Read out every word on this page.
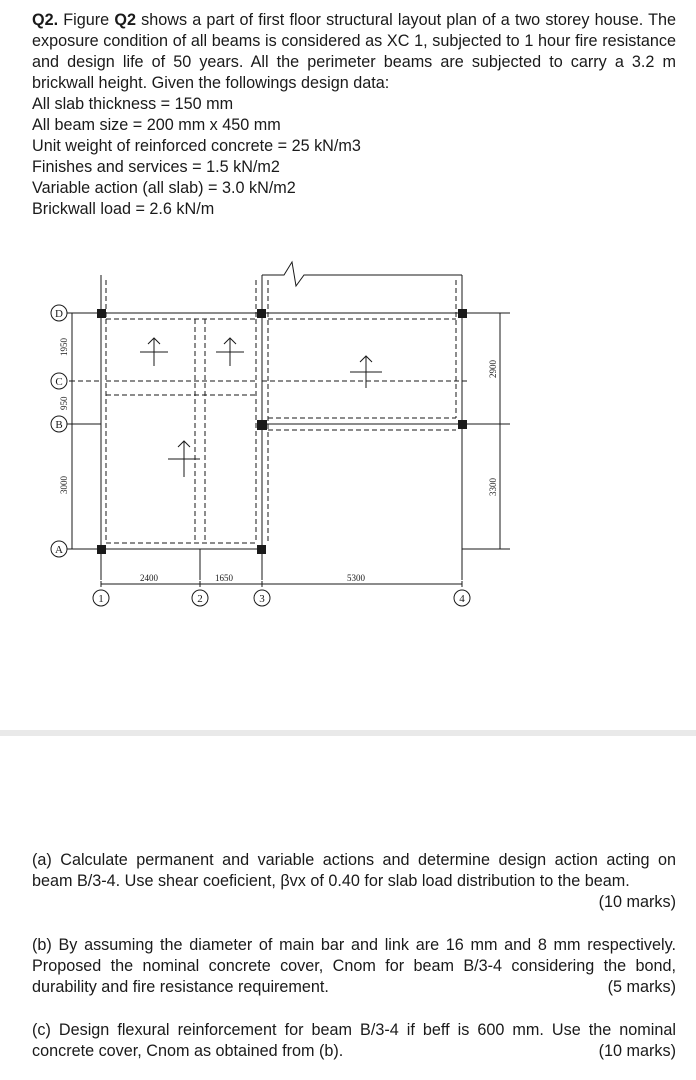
Q2. Figure Q2 shows a part of first floor structural layout plan of a two storey house. The exposure condition of all beams is considered as XC 1, subjected to 1 hour fire resistance and design life of 50 years. All the perimeter beams are subjected to carry a 3.2 m brickwall height. Given the followings design data:

All slab thickness = 150 mm
All beam size = 200 mm x 450 mm
Unit weight of reinforced concrete = 25 kN/m3
Finishes and services = 1.5 kN/m2
Variable action (all slab) = 3.0 kN/m2
Brickwall load = 2.6 kN/m
1950
950
3000
2900
3300
2400	1650	5300
D
C
B
A
1	2	3	4

(a) Calculate permanent and variable actions and determine design action acting on beam B/3-4. Use shear coeficient, βvx of 0.40 for slab load distribution to the beam.
(10 marks)

(b) By assuming the diameter of main bar and link are 16 mm and 8 mm respectively. Proposed the nominal concrete cover, Cnom for beam B/3-4 considering the bond, durability and fire resistance requirement.	(5 marks)

(c) Design flexural reinforcement for beam B/3-4 if beff is 600 mm. Use the nominal concrete cover, Cnom as obtained from (b).	(10 marks)
